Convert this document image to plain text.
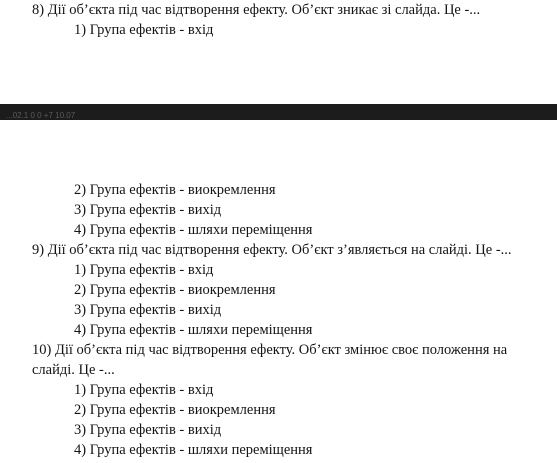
8) Дії об’єкта під час відтворення ефекту. Об’єкт зникає зі слайда. Це -...
1) Група ефектів - вхід
...02.1 0 0 +7 10.07
2) Група ефектів - виокремлення
3) Група ефектів - вихід
4) Група ефектів - шляхи переміщення
9) Дії об’єкта під час відтворення ефекту. Об’єкт з’являється на слайді. Це -...
1) Група ефектів - вхід
2) Група ефектів - виокремлення
3) Група ефектів - вихід
4) Група ефектів - шляхи переміщення
10) Дії об’єкта під час відтворення ефекту. Об’єкт змінює своє положення на
слайді. Це -...
1) Група ефектів - вхід
2) Група ефектів - виокремлення
3) Група ефектів - вихід
4) Група ефектів - шляхи переміщення
